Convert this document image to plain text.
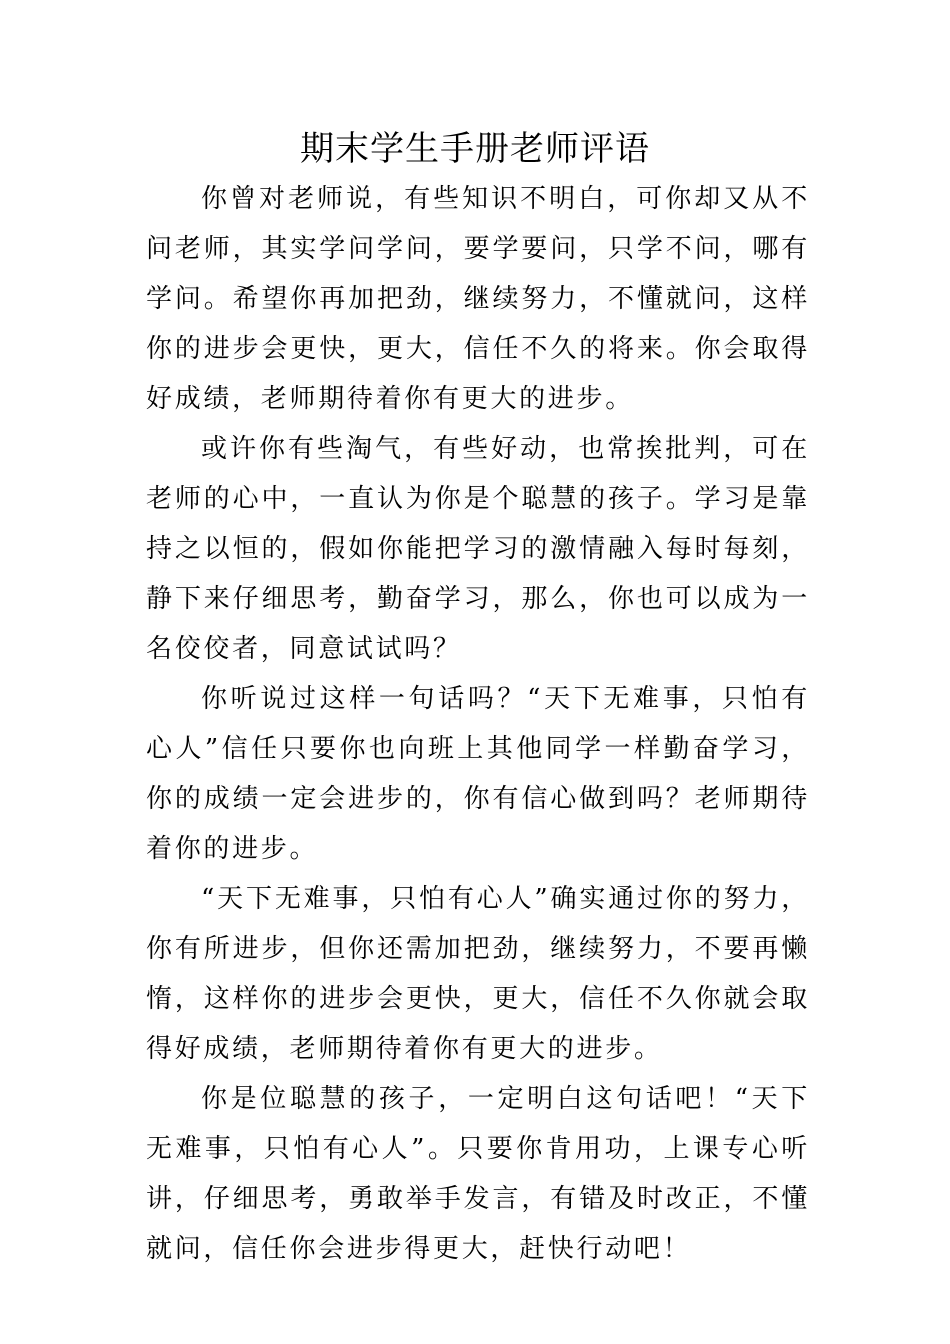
期末学生手册老师评语

你曾对老师说，有些知识不明白，可你却又从不问老师，其实学问学问，要学要问，只学不问，哪有学问。希望你再加把劲，继续努力，不懂就问，这样你的进步会更快，更大，信任不久的将来。你会取得好成绩，老师期待着你有更大的进步。

或许你有些淘气，有些好动，也常挨批判，可在老师的心中，一直认为你是个聪慧的孩子。学习是靠持之以恒的，假如你能把学习的激情融入每时每刻，静下来仔细思考，勤奋学习，那么，你也可以成为一名佼佼者，同意试试吗？

你听说过这样一句话吗？“天下无难事，只怕有心人”信任只要你也向班上其他同学一样勤奋学习，你的成绩一定会进步的，你有信心做到吗？老师期待着你的进步。

“天下无难事，只怕有心人”确实通过你的努力，你有所进步，但你还需加把劲，继续努力，不要再懒惰，这样你的进步会更快，更大，信任不久你就会取得好成绩，老师期待着你有更大的进步。

你是位聪慧的孩子，一定明白这句话吧！“天下无难事，只怕有心人”。只要你肯用功，上课专心听讲，仔细思考，勇敢举手发言，有错及时改正，不懂就问，信任你会进步得更大，赶快行动吧！
